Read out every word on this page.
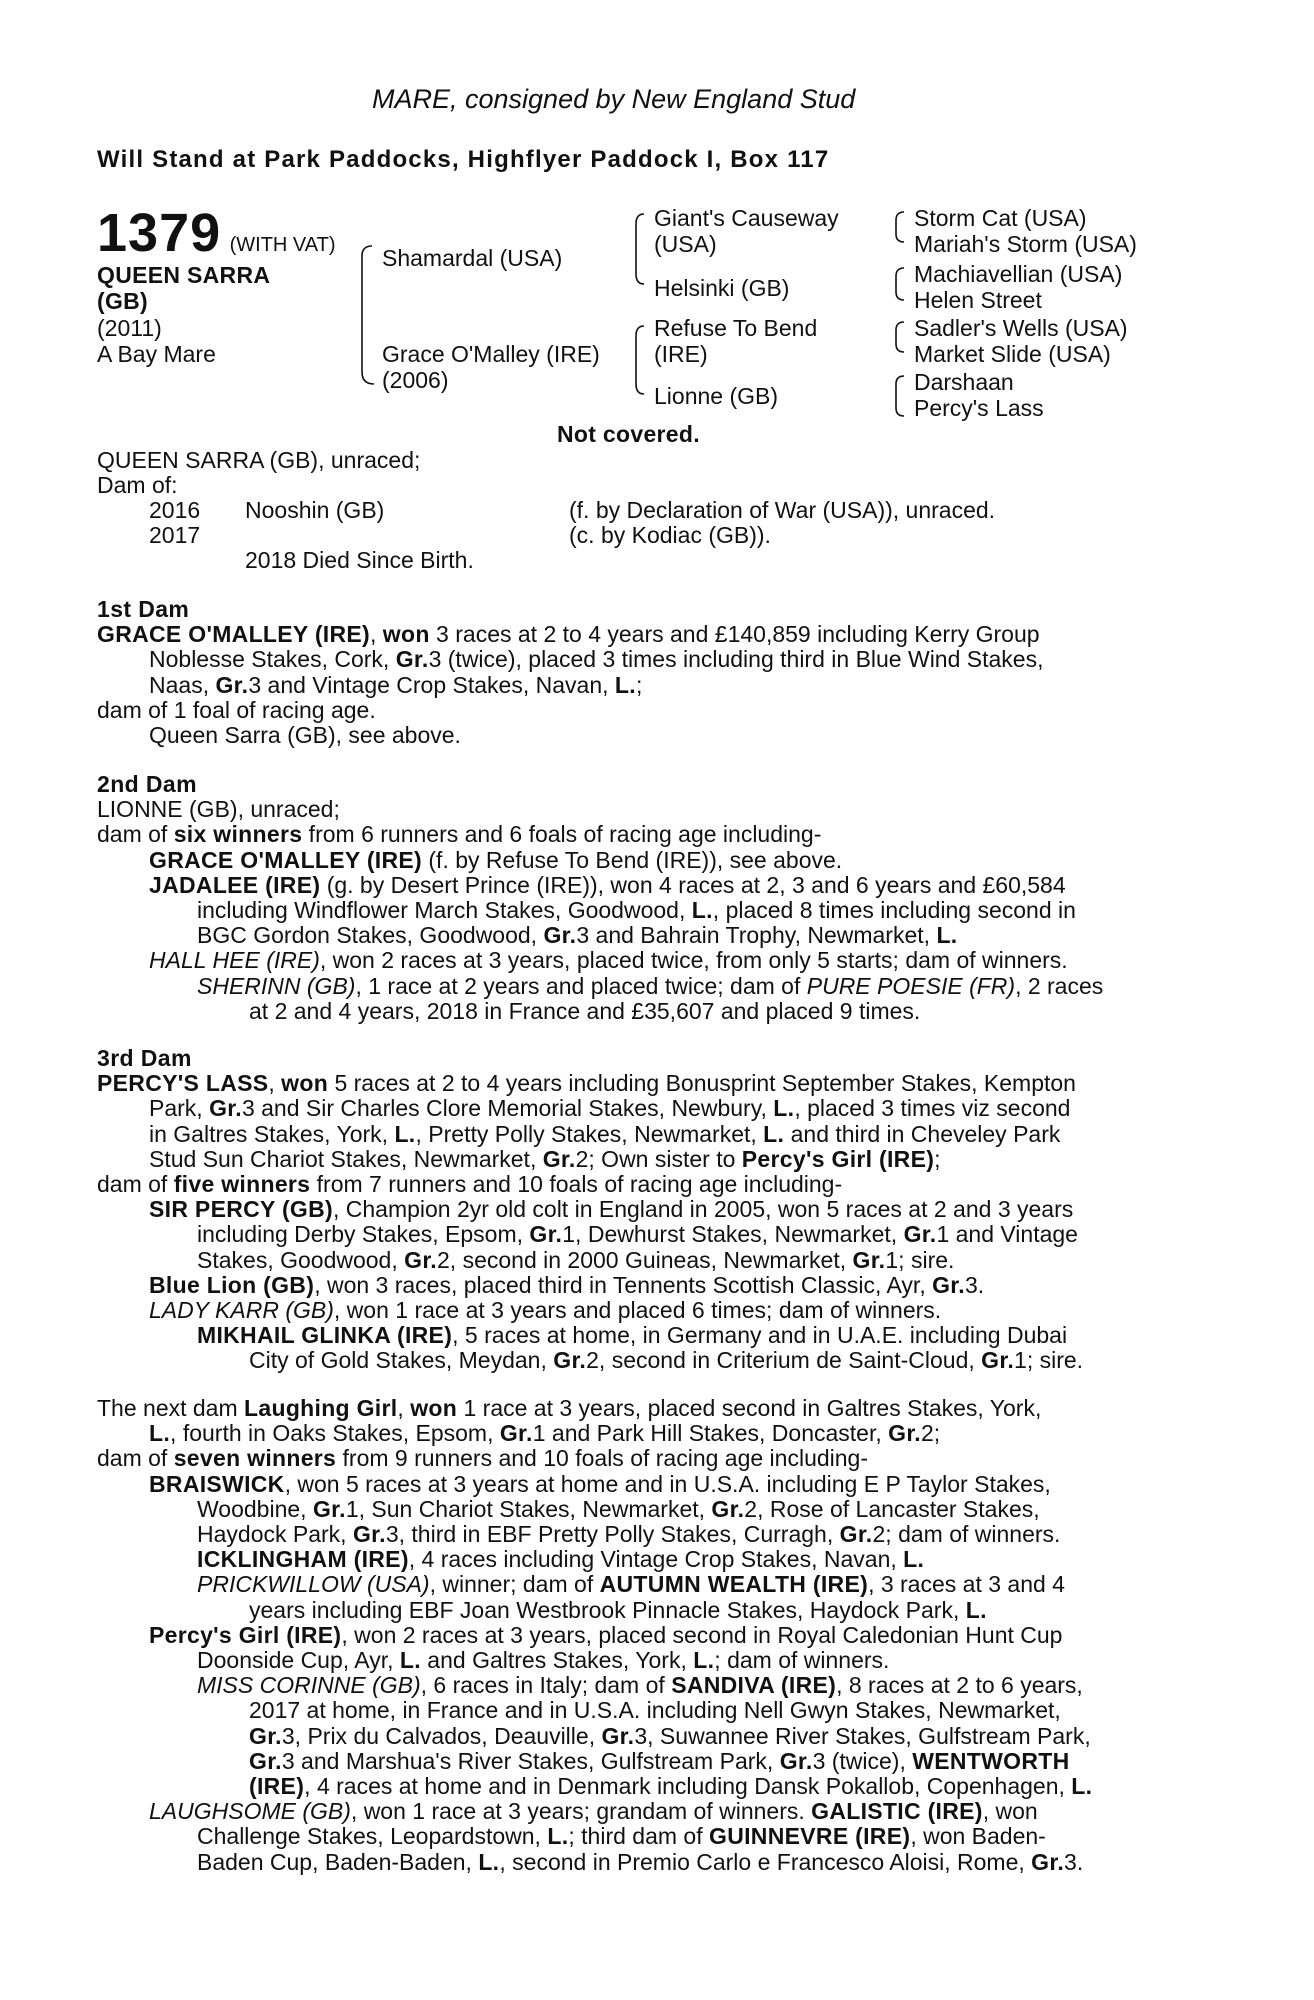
MARE, consigned by New England Stud
Will Stand at Park Paddocks, Highflyer Paddock I, Box 117
1379 (WITH VAT)
QUEEN SARRA
(GB)
(2011)
A Bay Mare
Shamardal (USA)
Grace O'Malley (IRE)
(2006)
Giant's Causeway
(USA)
Helsinki (GB)
Refuse To Bend
(IRE)
Lionne (GB)
Storm Cat (USA)
Mariah's Storm (USA)
Machiavellian (USA)
Helen Street
Sadler's Wells (USA)
Market Slide (USA)
Darshaan
Percy's Lass
Not covered.
QUEEN SARRA (GB), unraced;
Dam of:
2016 Nooshin (GB)	(f. by Declaration of War (USA)), unraced.
2017	(c. by Kodiac (GB)).
2018 Died Since Birth.
1st Dam
GRACE O'MALLEY (IRE), won 3 races at 2 to 4 years and £140,859 including Kerry Group
Noblesse Stakes, Cork, Gr.3 (twice), placed 3 times including third in Blue Wind Stakes,
Naas, Gr.3 and Vintage Crop Stakes, Navan, L.;
dam of 1 foal of racing age.
Queen Sarra (GB), see above.
2nd Dam
LIONNE (GB), unraced;
dam of six winners from 6 runners and 6 foals of racing age including-
GRACE O'MALLEY (IRE) (f. by Refuse To Bend (IRE)), see above.
JADALEE (IRE) (g. by Desert Prince (IRE)), won 4 races at 2, 3 and 6 years and £60,584
including Windflower March Stakes, Goodwood, L., placed 8 times including second in
BGC Gordon Stakes, Goodwood, Gr.3 and Bahrain Trophy, Newmarket, L.
HALL HEE (IRE), won 2 races at 3 years, placed twice, from only 5 starts; dam of winners.
SHERINN (GB), 1 race at 2 years and placed twice; dam of PURE POESIE (FR), 2 races
at 2 and 4 years, 2018 in France and £35,607 and placed 9 times.
3rd Dam
PERCY'S LASS, won 5 races at 2 to 4 years including Bonusprint September Stakes, Kempton
Park, Gr.3 and Sir Charles Clore Memorial Stakes, Newbury, L., placed 3 times viz second
in Galtres Stakes, York, L., Pretty Polly Stakes, Newmarket, L. and third in Cheveley Park
Stud Sun Chariot Stakes, Newmarket, Gr.2; Own sister to Percy's Girl (IRE);
dam of five winners from 7 runners and 10 foals of racing age including-
SIR PERCY (GB), Champion 2yr old colt in England in 2005, won 5 races at 2 and 3 years
including Derby Stakes, Epsom, Gr.1, Dewhurst Stakes, Newmarket, Gr.1 and Vintage
Stakes, Goodwood, Gr.2, second in 2000 Guineas, Newmarket, Gr.1; sire.
Blue Lion (GB), won 3 races, placed third in Tennents Scottish Classic, Ayr, Gr.3.
LADY KARR (GB), won 1 race at 3 years and placed 6 times; dam of winners.
MIKHAIL GLINKA (IRE), 5 races at home, in Germany and in U.A.E. including Dubai
City of Gold Stakes, Meydan, Gr.2, second in Criterium de Saint-Cloud, Gr.1; sire.
The next dam Laughing Girl, won 1 race at 3 years, placed second in Galtres Stakes, York,
L., fourth in Oaks Stakes, Epsom, Gr.1 and Park Hill Stakes, Doncaster, Gr.2;
dam of seven winners from 9 runners and 10 foals of racing age including-
BRAISWICK, won 5 races at 3 years at home and in U.S.A. including E P Taylor Stakes,
Woodbine, Gr.1, Sun Chariot Stakes, Newmarket, Gr.2, Rose of Lancaster Stakes,
Haydock Park, Gr.3, third in EBF Pretty Polly Stakes, Curragh, Gr.2; dam of winners.
ICKLINGHAM (IRE), 4 races including Vintage Crop Stakes, Navan, L.
PRICKWILLOW (USA), winner; dam of AUTUMN WEALTH (IRE), 3 races at 3 and 4
years including EBF Joan Westbrook Pinnacle Stakes, Haydock Park, L.
Percy's Girl (IRE), won 2 races at 3 years, placed second in Royal Caledonian Hunt Cup
Doonside Cup, Ayr, L. and Galtres Stakes, York, L.; dam of winners.
MISS CORINNE (GB), 6 races in Italy; dam of SANDIVA (IRE), 8 races at 2 to 6 years,
2017 at home, in France and in U.S.A. including Nell Gwyn Stakes, Newmarket,
Gr.3, Prix du Calvados, Deauville, Gr.3, Suwannee River Stakes, Gulfstream Park,
Gr.3 and Marshua's River Stakes, Gulfstream Park, Gr.3 (twice), WENTWORTH
(IRE), 4 races at home and in Denmark including Dansk Pokallob, Copenhagen, L.
LAUGHSOME (GB), won 1 race at 3 years; grandam of winners. GALISTIC (IRE), won
Challenge Stakes, Leopardstown, L.; third dam of GUINNEVRE (IRE), won Baden-
Baden Cup, Baden-Baden, L., second in Premio Carlo e Francesco Aloisi, Rome, Gr.3.
